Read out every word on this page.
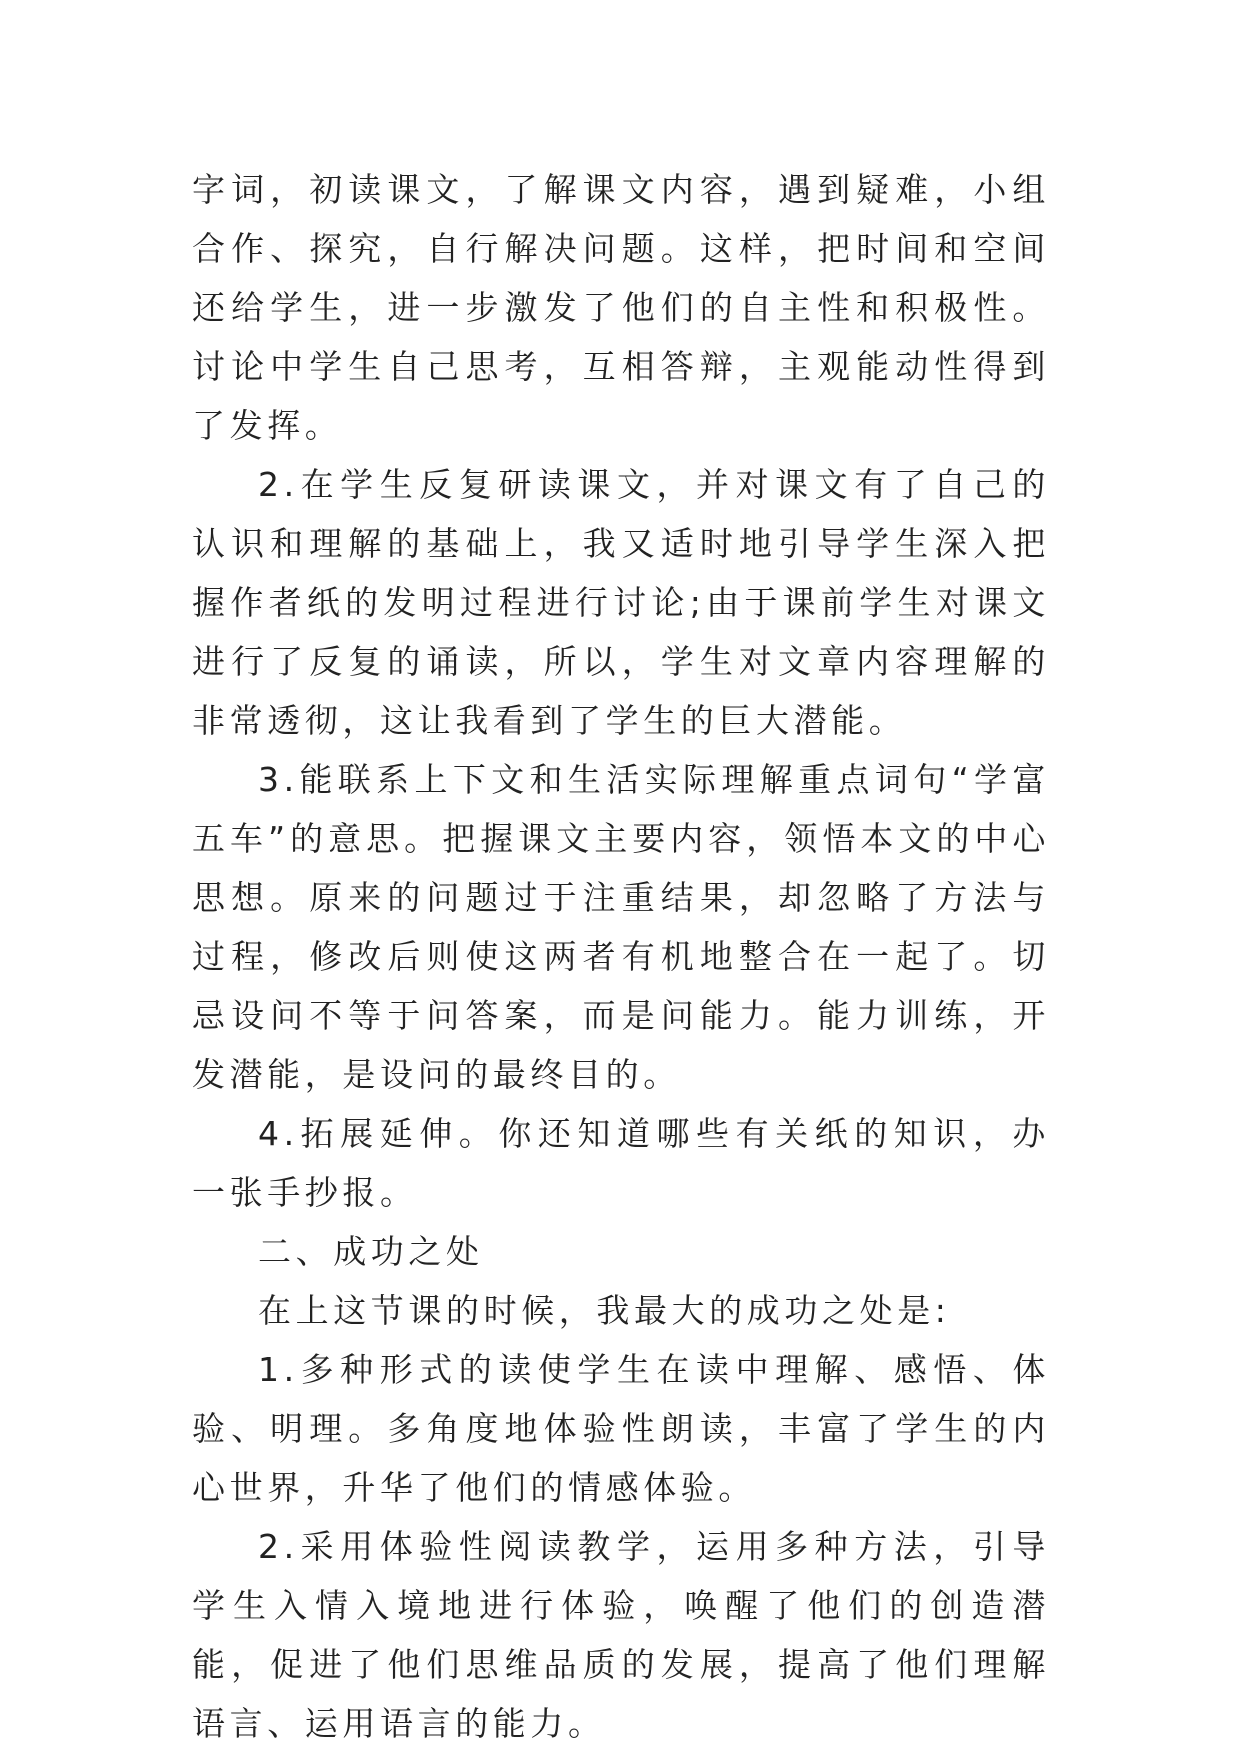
字词，初读课文，了解课文内容，遇到疑难，小组合作、探究，自行解决问题。这样，把时间和空间还给学生，进一步激发了他们的自主性和积极性。讨论中学生自己思考，互相答辩，主观能动性得到了发挥。

2.在学生反复研读课文，并对课文有了自己的认识和理解的基础上，我又适时地引导学生深入把握作者纸的发明过程进行讨论;由于课前学生对课文进行了反复的诵读，所以，学生对文章内容理解的非常透彻，这让我看到了学生的巨大潜能。

3.能联系上下文和生活实际理解重点词句“学富五车”的意思。把握课文主要内容，领悟本文的中心思想。原来的问题过于注重结果，却忽略了方法与过程，修改后则使这两者有机地整合在一起了。切忌设问不等于问答案，而是问能力。能力训练，开发潜能，是设问的最终目的。

4.拓展延伸。你还知道哪些有关纸的知识，办一张手抄报。

二、成功之处

在上这节课的时候，我最大的成功之处是:

1.多种形式的读使学生在读中理解、感悟、体验、明理。多角度地体验性朗读，丰富了学生的内心世界，升华了他们的情感体验。

2.采用体验性阅读教学，运用多种方法，引导学生入情入境地进行体验，唤醒了他们的创造潜能，促进了他们思维品质的发展，提高了他们理解语言、运用语言的能力。
